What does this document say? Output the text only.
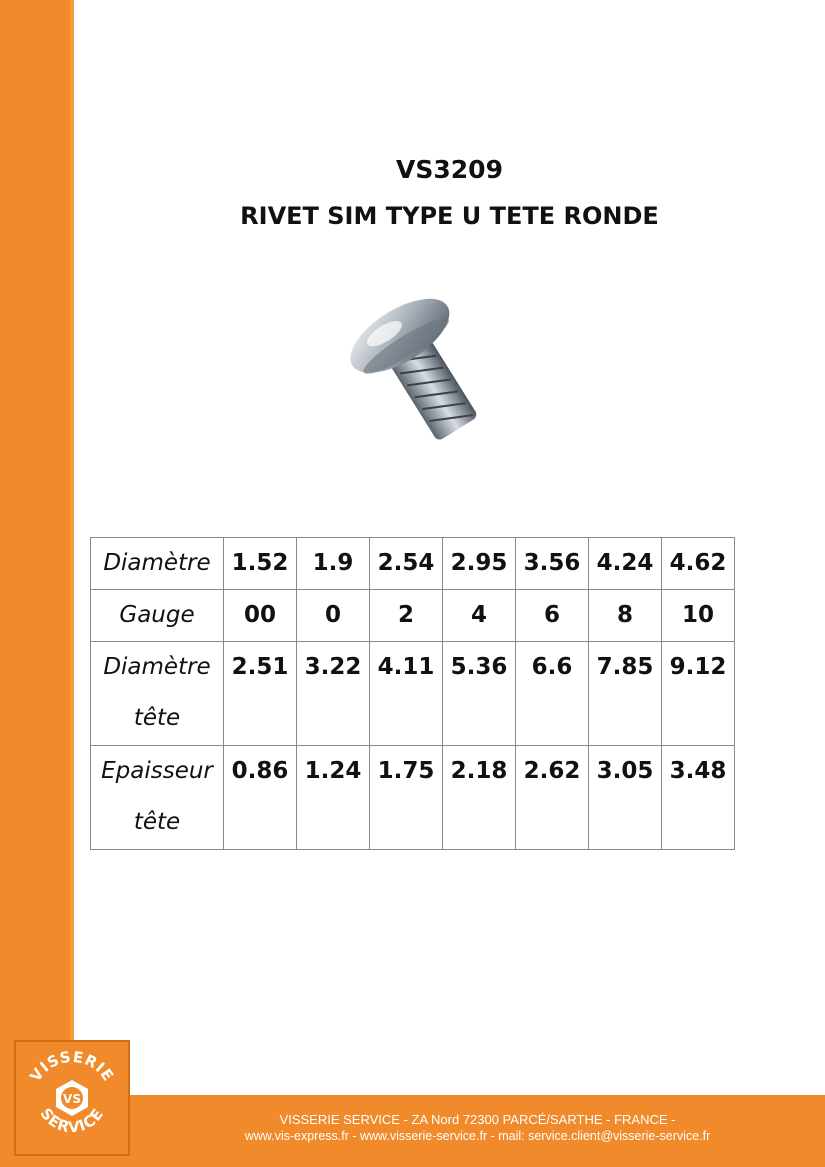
VS3209

RIVET SIM TYPE U TETE RONDE

Diamètre	1.52	1.9	2.54	2.95	3.56	4.24	4.62
Gauge	00	0	2	4	6	8	10
Diamètre tête	2.51	3.22	4.11	5.36	6.6	7.85	9.12
Epaisseur tête	0.86	1.24	1.75	2.18	2.62	3.05	3.48
VISSERIE SERVICE - ZA Nord 72300 PARCÉ/SARTHE - FRANCE -
www.vis-express.fr - www.visserie-service.fr - mail: service.client@visserie-service.fr
VISSERIE
SERVICE
VS
